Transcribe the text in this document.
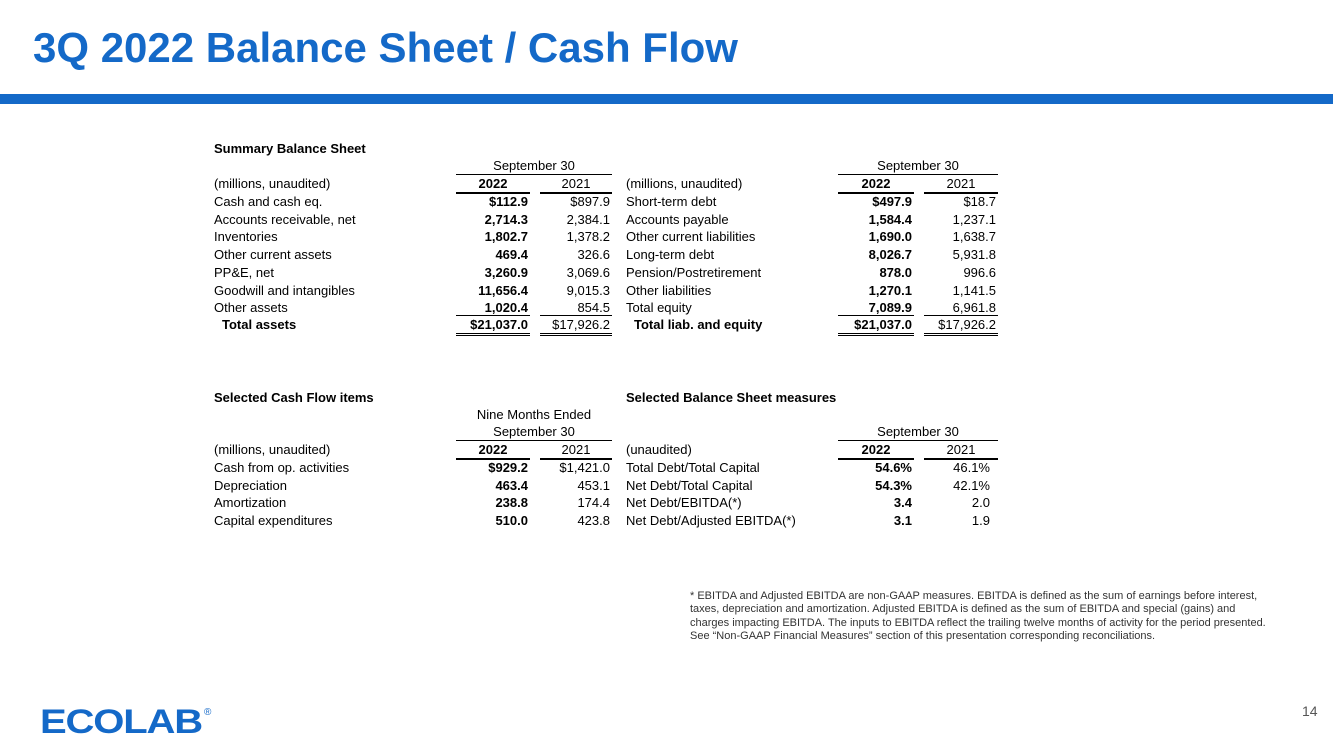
3Q 2022 Balance Sheet / Cash Flow
Summary Balance Sheet
September 30
(millions, unaudited)	2022	2021
Cash and cash eq.	$112.9	$897.9
Accounts receivable, net	2,714.3	2,384.1
Inventories	1,802.7	1,378.2
Other current assets	469.4	326.6
PP&E, net	3,260.9	3,069.6
Goodwill and intangibles	11,656.4	9,015.3
Other assets	1,020.4	854.5
Total assets	$21,037.0	$17,926.2
September 30
(millions, unaudited)	2022	2021
Short-term debt	$497.9	$18.7
Accounts payable	1,584.4	1,237.1
Other current liabilities	1,690.0	1,638.7
Long-term debt	8,026.7	5,931.8
Pension/Postretirement	878.0	996.6
Other liabilities	1,270.1	1,141.5
Total equity	7,089.9	6,961.8
Total liab. and equity	$21,037.0	$17,926.2
Selected Cash Flow items
Nine Months Ended
September 30
(millions, unaudited)	2022	2021
Cash from op. activities	$929.2	$1,421.0
Depreciation	463.4	453.1
Amortization	238.8	174.4
Capital expenditures	510.0	423.8
Selected Balance Sheet measures
September 30
(unaudited)	2022	2021
Total Debt/Total Capital	54.6%	46.1%
Net Debt/Total Capital	54.3%	42.1%
Net Debt/EBITDA(*)	3.4	2.0
Net Debt/Adjusted EBITDA(*)	3.1	1.9
* EBITDA and Adjusted EBITDA are non-GAAP measures. EBITDA is defined as the sum of earnings before interest, taxes, depreciation and amortization. Adjusted EBITDA is defined as the sum of EBITDA and special (gains) and charges impacting EBITDA. The inputs to EBITDA reflect the trailing twelve months of activity for the period presented. See “Non-GAAP Financial Measures” section of this presentation corresponding reconciliations.
ECOLAB ®	14
